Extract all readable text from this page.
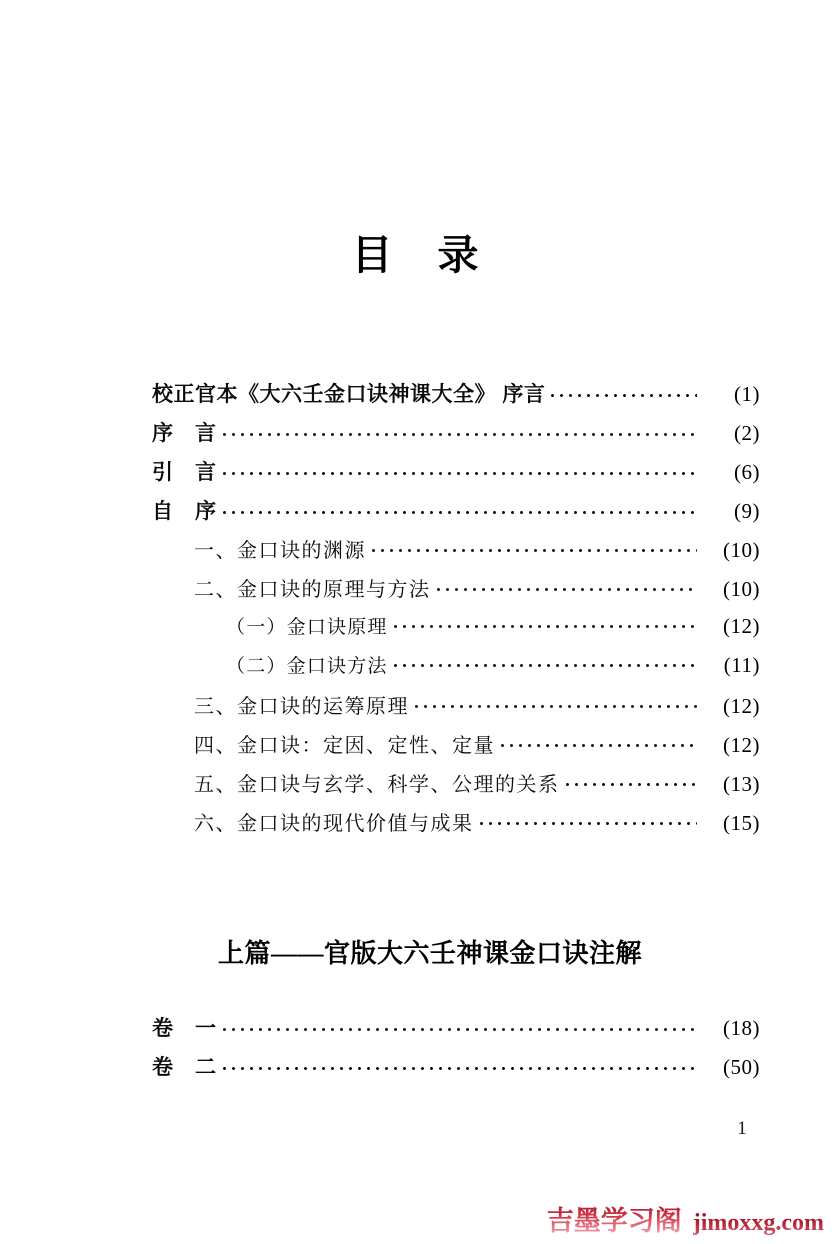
目　录
校正官本《大六壬金口诀神课大全》 序言	(1)
序　言	(2)
引　言	(6)
自　序	(9)
一、金口诀的渊源	(10)
二、金口诀的原理与方法	(10)
（一）金口诀原理	(12)
（二）金口诀方法	(11)
三、金口诀的运筹原理	(12)
四、金口诀：定因、定性、定量	(12)
五、金口诀与玄学、科学、公理的关系	(13)
六、金口诀的现代价值与成果	(15)
上篇——官版大六壬神课金口诀注解
卷　一	(18)
卷　二	(50)
1
吉墨学习阁 jimoxxg.com
